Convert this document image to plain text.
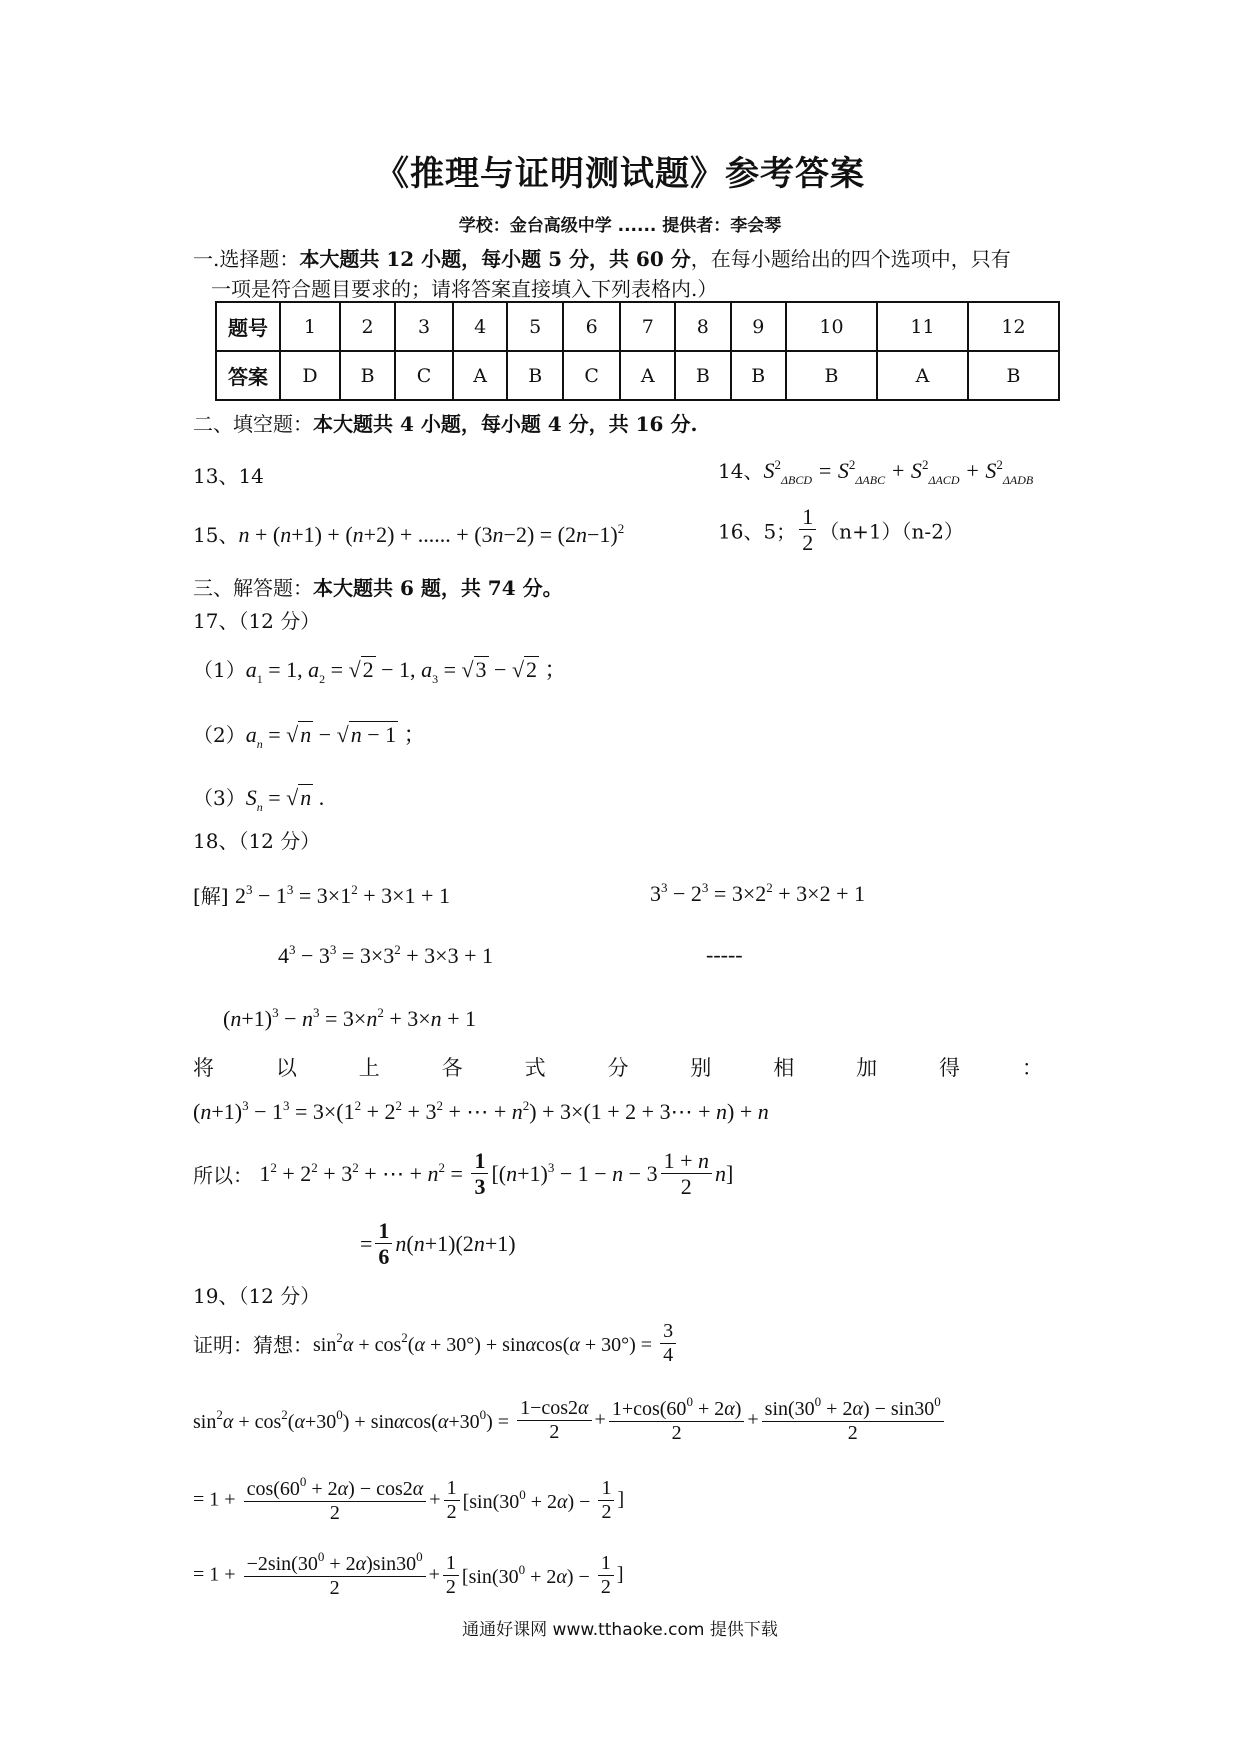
《推理与证明测试题》参考答案
学校：金台高级中学 ...... 提供者：李会琴
一.选择题：本大题共 12 小题，每小题 5 分，共 60 分，在每小题给出的四个选项中，只有
一项是符合题目要求的；请将答案直接填入下列表格内.）
题号	1	2	3	4	5	6	7	8	9	10	11	12
答案	D	B	C	A	B	C	A	B	B	B	A	B
二、填空题：本大题共 4 小题，每小题 4 分，共 16 分.
13、14	14、$S^2_{\Delta BCD} = S^2_{\Delta ABC} + S^2_{\Delta ACD} + S^2_{\Delta ADB}$
15、n + (n+1) + (n+2) + ...... + $(3n-2) = (2n-1)^2$	16、5； $\frac{1}{2} (n+1)(n-2)$
三、解答题：本大题共 6 题，共 74 分。
17、（12 分）
$(1)a_1 = 1$, $a_2 = √2 - 1$, $a_3 = √3 - √2$ ；
$(2)a_n = √n - √n - 1$ ；
$(3)S_n = √n$ .
18、（12 分）
[解] $2^3 - 1^3 = 3\times 1^2 + 3\times 1 + 1$	$3^3 - 2^3 = 3\times 2^2 + 3\times 2 + 1$
$4^3 - 3^3 = 3\times 3^2 + 3\times 3 + 1$	-----
$(n+1)^3 - n^3 = 3\times n^2 + 3\times n + 1$
将	以	上	各	式	分	别	相	加	得	：
$(n+1)^3 - 1^3 = 3\times(1^2 + 2^2 + 3^2$ + ⋯ + $n^2) + 3\times(1 + 2$ + 3⋯ + n) + n
所以： $1^2 + 2^2 + 3^2$ + ⋯ + $n^2 = \frac{1}{3} [(n+1)^3 - 1 - n - 3 \frac{1 + n}{2} n]$
= $\frac{1}{6} n(n+1)(2n+1)$
19、（12 分）
证明：猜想：$\sin^2\alpha + \cos^2(\alpha + 30^\circ) + \sin\alpha\cos(\alpha + 30^\circ) = \frac{3}{4}$
$\sin^2\alpha + \cos^2(\alpha+30^0) + \sin\alpha\cos(\alpha+30^0) = \frac{1-\cos 2\alpha}{2} + \frac{1+\cos(60^0 + 2\alpha)}{2} + \frac{\sin(30^0 + 2\alpha) - \sin 30^0}{2}$
= $1 + \frac{\cos(60^0 + 2\alpha) - \cos 2\alpha}{2} + \frac{1}{2} [\sin(30^0 + 2\alpha) - \frac{1}{2}$ ]
= $1 + \frac{-2\sin(30^0 + 2\alpha)\sin 30^0}{2} + \frac{1}{2} [\sin(30^0 + 2\alpha) - \frac{1}{2}$ ]
通通好课网 www.tthaoke.com 提供下载
